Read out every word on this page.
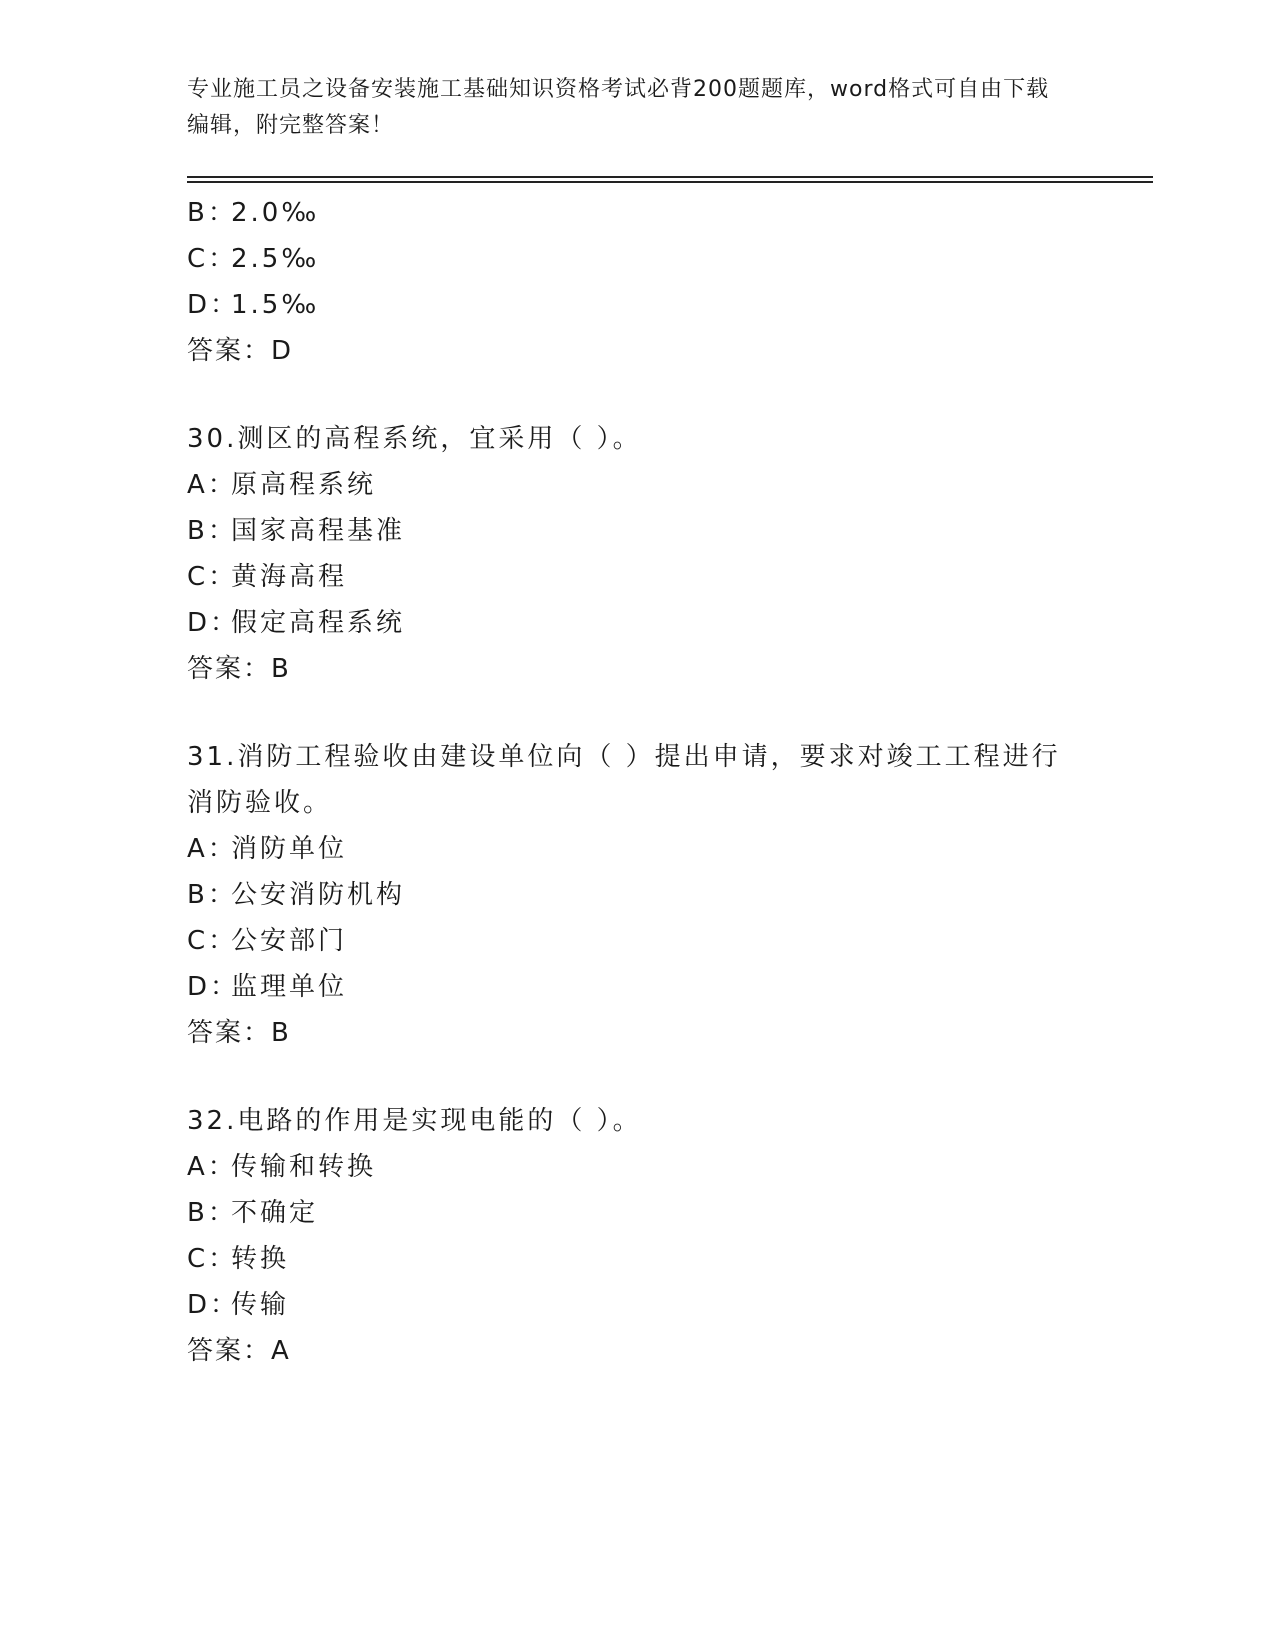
专业施工员之设备安装施工基础知识资格考试必背200题题库，word格式可自由下载编辑，附完整答案！
B：2.0‰
C：2.5‰
D：1.5‰
答案：D
30.测区的高程系统，宜采用（ ）。
A：原高程系统
B：国家高程基准
C：黄海高程
D：假定高程系统
答案：B
31.消防工程验收由建设单位向（ ）提出申请，要求对竣工工程进行消防验收。
A：消防单位
B：公安消防机构
C：公安部门
D：监理单位
答案：B
32.电路的作用是实现电能的（ ）。
A：传输和转换
B：不确定
C：转换
D：传输
答案：A
